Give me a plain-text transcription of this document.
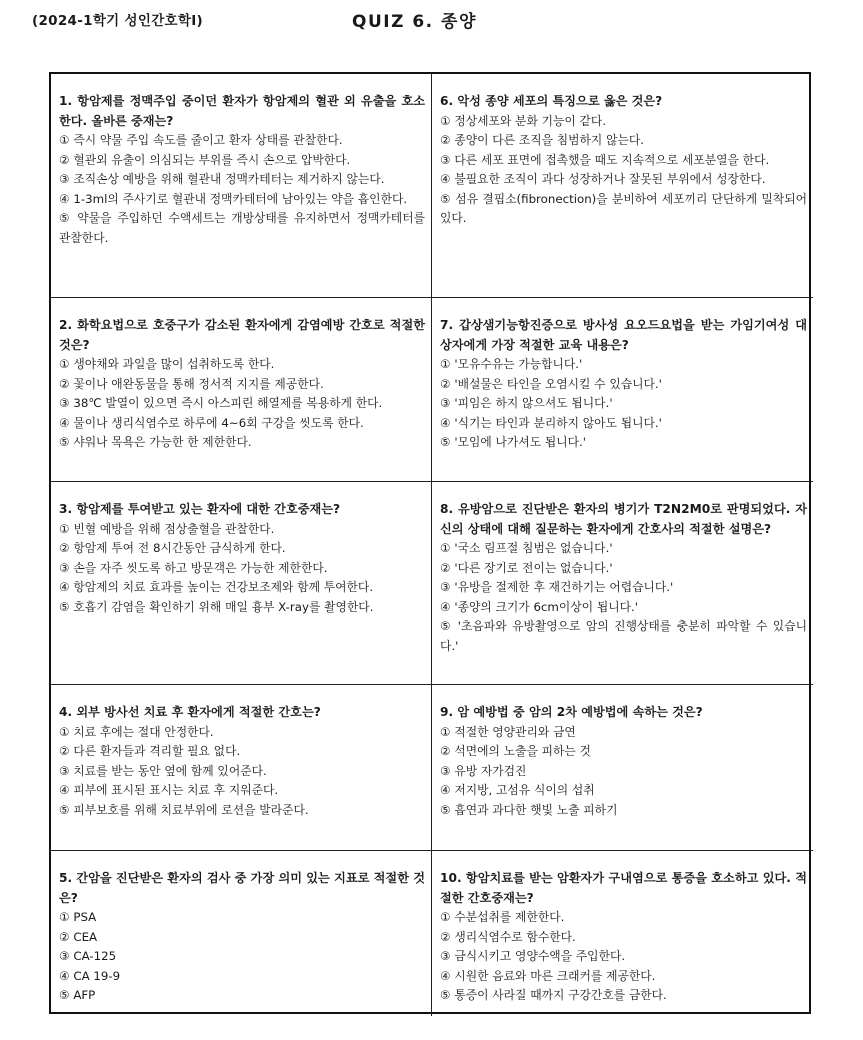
(2024-1학기 성인간호학Ⅰ)	QUIZ 6. 종양

1. 항암제를 정맥주입 중이던 환자가 항암제의 혈관 외 유출을 호소한다. 올바른 중재는?

① 즉시 약물 주입 속도를 줄이고 환자 상태를 관찰한다.

② 혈관외 유출이 의심되는 부위를 즉시 손으로 압박한다.

③ 조직손상 예방을 위해 혈관내 정맥카테터는 제거하지 않는다.

④ 1-3ml의 주사기로 혈관내 정맥카테터에 남아있는 약을 흡인한다.

⑤ 약물을 주입하던 수액세트는 개방상태를 유지하면서 정맥카테터를 관찰한다.

6. 악성 종양 세포의 특징으로 옳은 것은?

① 정상세포와 분화 기능이 같다.

② 종양이 다른 조직을 침범하지 않는다.

③ 다른 세포 표면에 접촉했을 때도 지속적으로 세포분열을 한다.

④ 불필요한 조직이 과다 성장하거나 잘못된 부위에서 성장한다.

⑤ 섬유 결핍소(fibronection)을 분비하여 세포끼리 단단하게 밀착되어 있다.

2. 화학요법으로 호중구가 감소된 환자에게 감염예방 간호로 적절한 것은?

① 생야채와 과일을 많이 섭취하도록 한다.

② 꽃이나 애완동물을 통해 정서적 지지를 제공한다.

③ 38℃ 발열이 있으면 즉시 아스피린 해열제를 복용하게 한다.

④ 물이나 생리식염수로 하루에 4~6회 구강을 씻도록 한다.

⑤ 샤워나 목욕은 가능한 한 제한한다.

7. 갑상샘기능항진증으로 방사성 요오드요법을 받는 가임기여성 대상자에게 가장 적절한 교육 내용은?

① '모유수유는 가능합니다.'

② '배설물은 타인을 오염시킬 수 있습니다.'

③ '피임은 하지 않으셔도 됩니다.'

④ '식기는 타인과 분리하지 않아도 됩니다.'

⑤ '모임에 나가셔도 됩니다.'

3. 항암제를 투여받고 있는 환자에 대한 간호중재는?

① 빈혈 예방을 위해 점상출혈을 관찰한다.

② 항암제 투여 전 8시간동안 금식하게 한다.

③ 손을 자주 씻도록 하고 방문객은 가능한 제한한다.

④ 항암제의 치료 효과를 높이는 건강보조제와 함께 투여한다.

⑤ 호흡기 감염을 확인하기 위해 매일 흉부 X-ray를 촬영한다.

8. 유방암으로 진단받은 환자의 병기가 T2N2M0로 판명되었다. 자신의 상태에 대해 질문하는 환자에게 간호사의 적절한 설명은?

① '국소 림프절 침범은 없습니다.'

② '다른 장기로 전이는 없습니다.'

③ '유방을 절제한 후 재건하기는 어렵습니다.'

④ '종양의 크기가 6cm이상이 됩니다.'

⑤ '초음파와 유방촬영으로 암의 진행상태를 충분히 파악할 수 있습니다.'

4. 외부 방사선 치료 후 환자에게 적절한 간호는?

① 치료 후에는 절대 안정한다.

② 다른 환자들과 격리할 필요 없다.

③ 치료를 받는 동안 옆에 함께 있어준다.

④ 피부에 표시된 표시는 치료 후 지워준다.

⑤ 피부보호를 위해 치료부위에 로션을 발라준다.

9. 암 예방법 중 암의 2차 예방법에 속하는 것은?

① 적절한 영양관리와 금연

② 석면에의 노출을 피하는 것

③ 유방 자가검진

④ 저지방, 고섬유 식이의 섭취

⑤ 흡연과 과다한 햇빛 노출 피하기

5. 간암을 진단받은 환자의 검사 중 가장 의미 있는 지표로 적절한 것은?

① PSA

② CEA

③ CA-125

④ CA 19-9

⑤ AFP

10. 항암치료를 받는 암환자가 구내염으로 통증을 호소하고 있다. 적절한 간호중재는?

① 수분섭취를 제한한다.

② 생리식염수로 함수한다.

③ 금식시키고 영양수액을 주입한다.

④ 시원한 음료와 마른 크래커를 제공한다.

⑤ 통증이 사라질 때까지 구강간호를 금한다.
